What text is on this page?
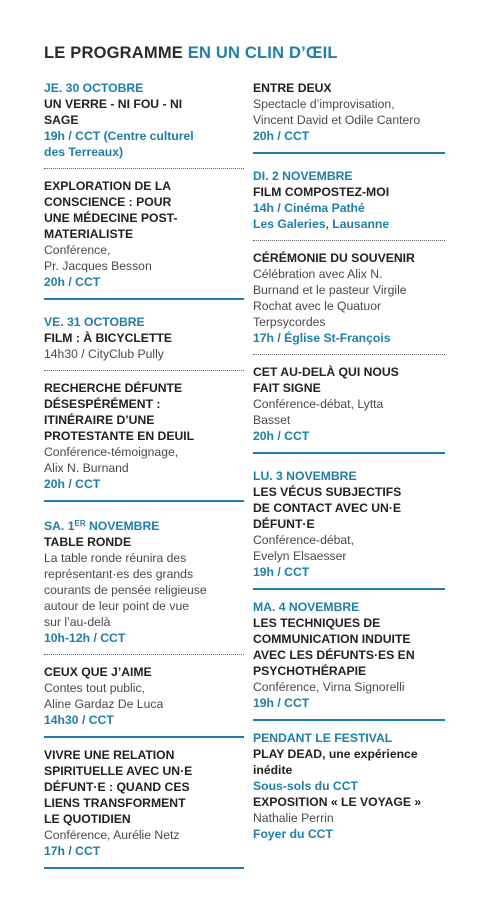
LE PROGRAMME EN UN CLIN D’ŒIL
JE. 30 OCTOBRE
UN VERRE - NI FOU - NI
SAGE
19h / CCT (Centre culturel
des Terreaux)
EXPLORATION DE LA
CONSCIENCE : POUR
UNE MÉDECINE POST-
MATERIALISTE
Conférence,
Pr. Jacques Besson
20h / CCT
VE. 31 OCTOBRE
FILM : À BICYCLETTE
14h30 / CityClub Pully
RECHERCHE DÉFUNTE
DÉSESPÉRÉMENT :
ITINÉRAIRE D’UNE
PROTESTANTE EN DEUIL
Conférence-témoignage,
Alix N. Burnand
20h / CCT
SA. 1ER NOVEMBRE
TABLE RONDE
La table ronde réunira des
représentant·es des grands
courants de pensée religieuse
autour de leur point de vue
sur l’au-delà
10h-12h / CCT
CEUX QUE J’AIME
Contes tout public,
Aline Gardaz De Luca
14h30 / CCT
VIVRE UNE RELATION
SPIRITUELLE AVEC UN·E
DÉFUNT·E : QUAND CES
LIENS TRANSFORMENT
LE QUOTIDIEN
Conférence, Aurélie Netz
17h / CCT
ENTRE DEUX
Spectacle d’improvisation,
Vincent David et Odile Cantero
20h / CCT
DI. 2 NOVEMBRE
FILM COMPOSTEZ-MOI
14h / Cinéma Pathé
Les Galeries, Lausanne
CÉRÉMONIE DU SOUVENIR
Célébration avec Alix N.
Burnand et le pasteur Virgile
Rochat avec le Quatuor
Terpsycordes
17h / Église St-François
CET AU-DELÀ QUI NOUS
FAIT SIGNE
Conférence-débat, Lytta
Basset
20h / CCT
LU. 3 NOVEMBRE
LES VÉCUS SUBJECTIFS
DE CONTACT AVEC UN·E
DÉFUNT·E
Conférence-débat,
Evelyn Elsaesser
19h / CCT
MA. 4 NOVEMBRE
LES TECHNIQUES DE
COMMUNICATION INDUITE
AVEC LES DÉFUNTS·ES EN
PSYCHOTHÉRAPIE
Conférence, Virna Signorelli
19h / CCT
PENDANT LE FESTIVAL
PLAY DEAD, une expérience
inédite
Sous-sols du CCT
EXPOSITION « LE VOYAGE »
Nathalie Perrin
Foyer du CCT
